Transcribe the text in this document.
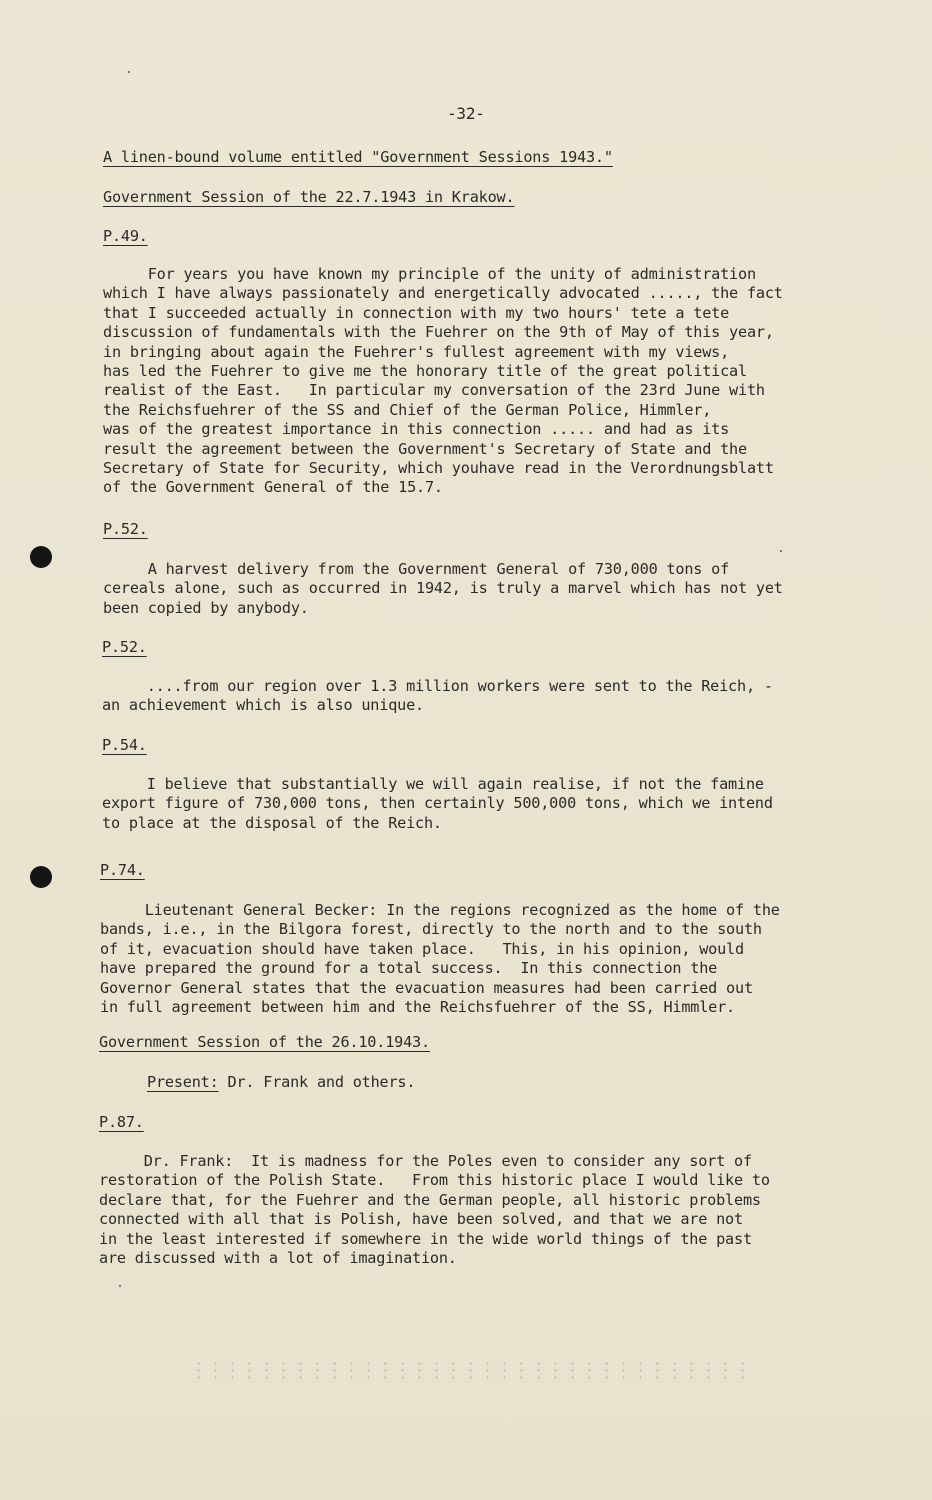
-32-
A linen-bound volume entitled "Government Sessions 1943."
Government Session of the 22.7.1943 in Krakow.
P.49.
For years you have known my principle of the unity of administration
which I have always passionately and energetically advocated ....., the fact
that I succeeded actually in connection with my two hours' tete a tete
discussion of fundamentals with the Fuehrer on the 9th of May of this year,
in bringing about again the Fuehrer's fullest agreement with my views,
has led the Fuehrer to give me the honorary title of the great political
realist of the East.   In particular my conversation of the 23rd June with
the Reichsfuehrer of the SS and Chief of the German Police, Himmler,
was of the greatest importance in this connection ..... and had as its
result the agreement between the Government's Secretary of State and the
Secretary of State for Security, which youhave read in the Verordnungsblatt
of the Government General of the 15.7.
P.52.
A harvest delivery from the Government General of 730,000 tons of
cereals alone, such as occurred in 1942, is truly a marvel which has not yet
been copied by anybody.
P.52.
....from our region over 1.3 million workers were sent to the Reich, -
an achievement which is also unique.
P.54.
I believe that substantially we will again realise, if not the famine
export figure of 730,000 tons, then certainly 500,000 tons, which we intend
to place at the disposal of the Reich.
P.74.
Lieutenant General Becker: In the regions recognized as the home of the
bands, i.e., in the Bilgora forest, directly to the north and to the south
of it, evacuation should have taken place.   This, in his opinion, would
have prepared the ground for a total success.  In this connection the
Governor General states that the evacuation measures had been carried out
in full agreement between him and the Reichsfuehrer of the SS, Himmler.
Government Session of the 26.10.1943.
Present: Dr. Frank and others.
P.87.
Dr. Frank:  It is madness for the Poles even to consider any sort of
restoration of the Polish State.   From this historic place I would like to
declare that, for the Fuehrer and the German people, all historic problems
connected with all that is Polish, have been solved, and that we are not
in the least interested if somewhere in the wide world things of the past
are discussed with a lot of imagination.
